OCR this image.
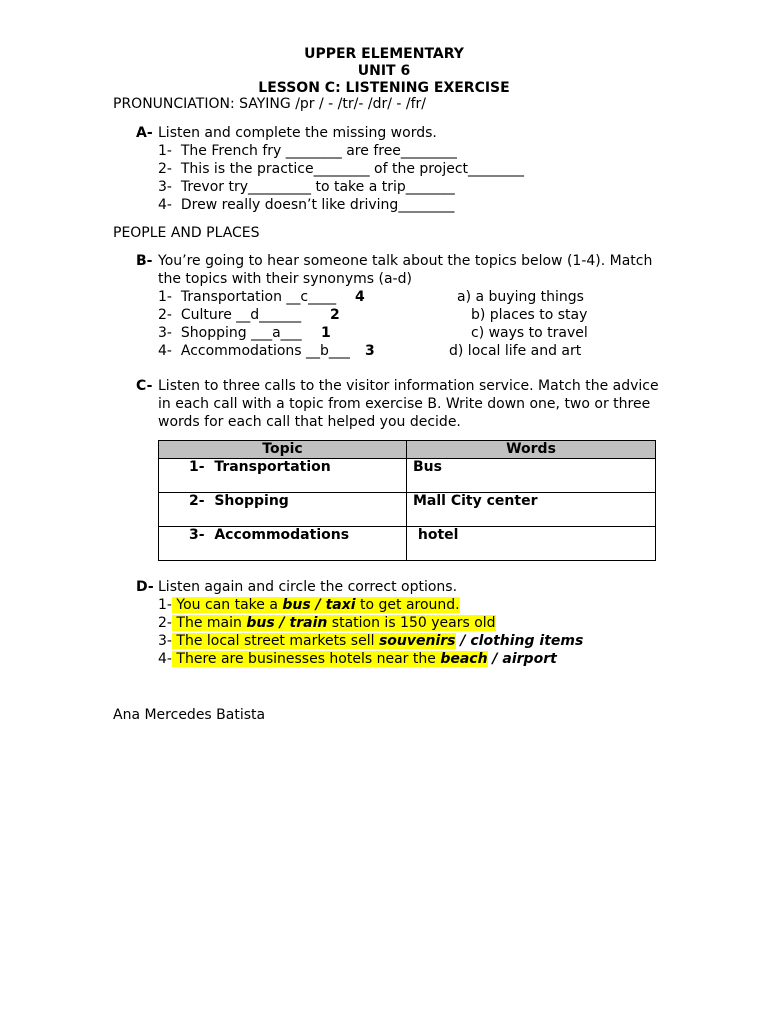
UPPER ELEMENTARY
UNIT 6
LESSON C: LISTENING EXERCISE
PRONUNCIATION: SAYING /pr / - /tr/- /dr/ - /fr/
A- Listen and complete the missing words.
1- The French fry ________ are free________
2- This is the practice________ of the project________
3- Trevor try_________ to take a trip_______
4- Drew really doesn’t like driving________
PEOPLE AND PLACES
B- You’re going to hear someone talk about the topics below (1-4). Match
the topics with their synonyms (a-d)
1- Transportation __c____ 4	a) a buying things
2- Culture __d______ 2	b) places to stay
3- Shopping ___a___ 1	c) ways to travel
4- Accommodations __b___ 3	d) local life and art
C- Listen to three calls to the visitor information service. Match the advice
in each call with a topic from exercise B. Write down one, two or three
words for each call that helped you decide.
Topic	Words
1- Transportation	Bus
2- Shopping	Mall City center
3- Accommodations	hotel
D- Listen again and circle the correct options.
1- You can take a bus / taxi to get around.
2- The main bus / train station is 150 years old
3- The local street markets sell souvenirs / clothing items
4- There are businesses hotels near the beach / airport
Ana Mercedes Batista
